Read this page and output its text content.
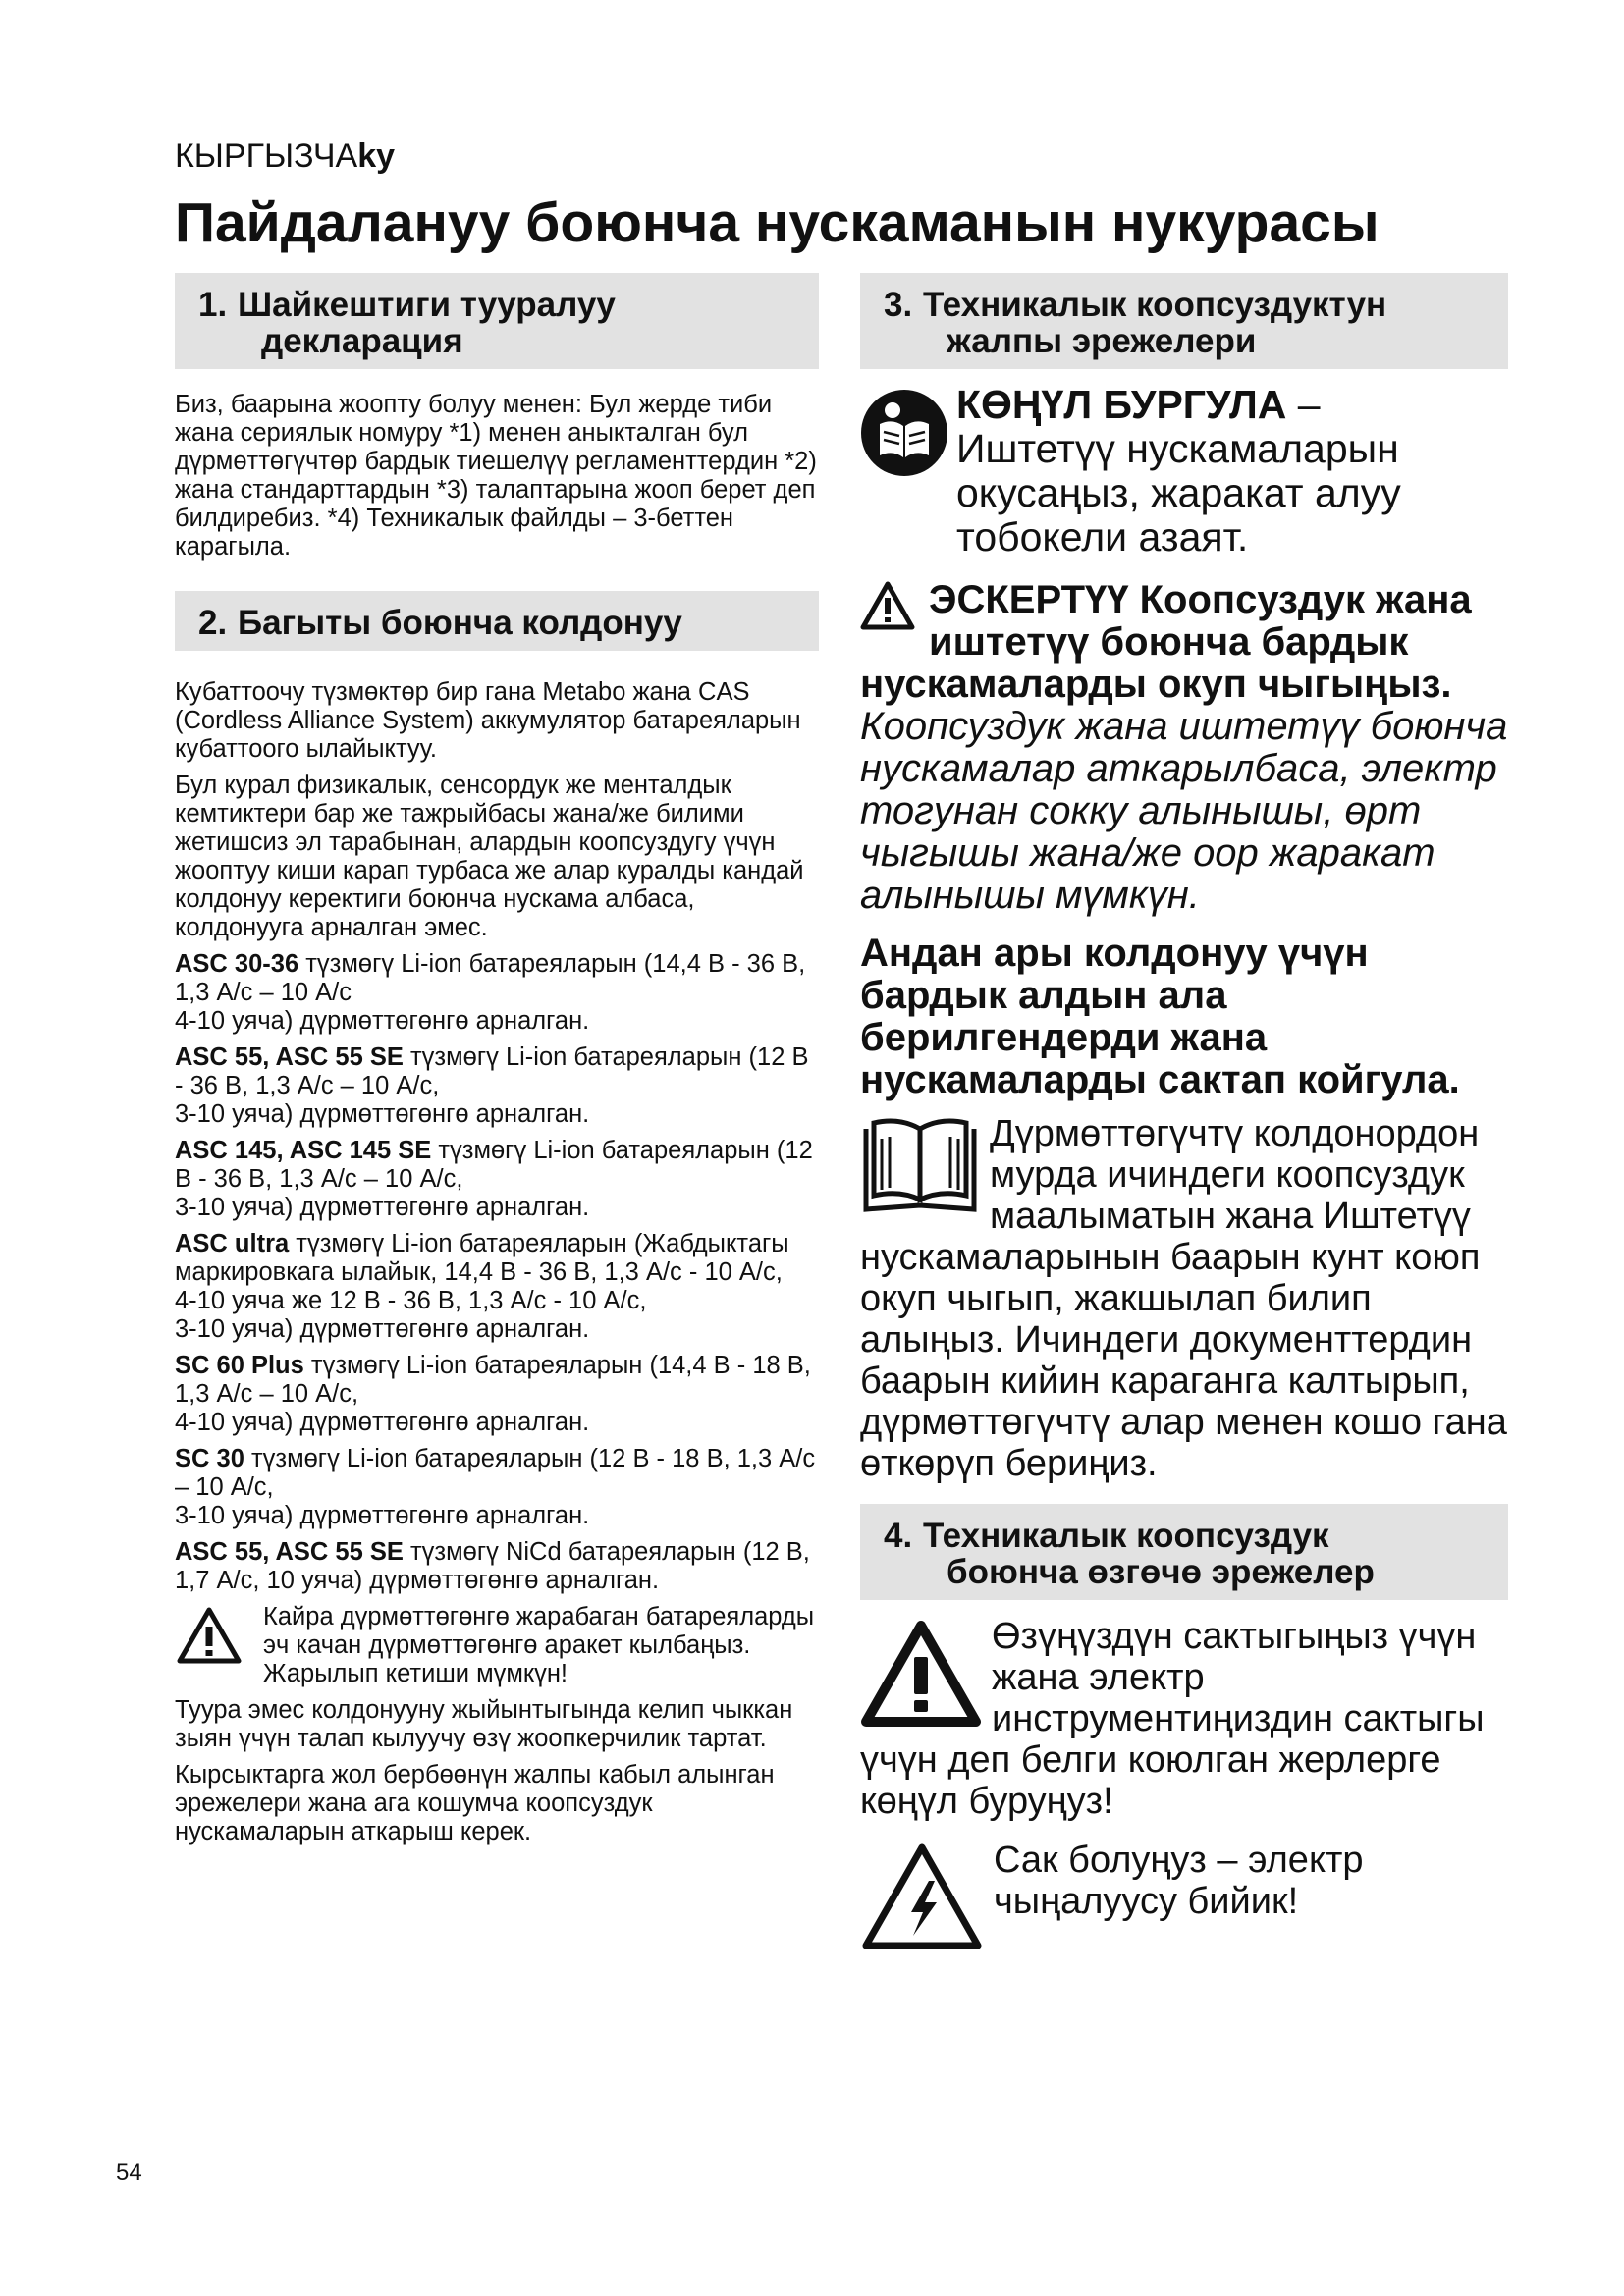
КЫРГЫЗЧАky
Пайдалануу боюнча нускаманын нукурасы
1. Шайкештиги тууралуу
декларация

Биз, баарына жоопту болуу менен: Бул жерде тиби жана сериялык номуру *1) менен аныкталган бул дүрмөттөгүчтөр бардык тиешелүү регламенттердин *2) жана стандарттардын *3) талаптарына жооп берет деп билдиребиз. *4) Техникалык файлды – 3-беттен карагыла.

2. Багыты боюнча колдонуу

Кубаттоочу түзмөктөр бир гана Metabo жана CAS (Cordless Alliance System) аккумулятор батареяларын кубаттоого ылайыктуу.

Бул курал физикалык, сенсордук же менталдык кемтиктери бар же тажрыйбасы жана/же билими жетишсиз эл тарабынан, алардын коопсуздугу үчүн жооптуу киши карап турбаса же алар куралды кандай колдонуу керектиги боюнча нускама албаса, колдонууга арналган эмес.

ASC 30-36 түзмөгү Li-ion батареяларын (14,4 В - 36 В, 1,3 А/с – 10 А/с
4-10 уяча) дүрмөттөгөнгө арналган.

ASC 55, ASC 55 SE түзмөгү Li-ion батареяларын (12 В - 36 В, 1,3 А/с – 10 А/с,
3-10 уяча) дүрмөттөгөнгө арналган.

ASC 145, ASC 145 SE түзмөгү Li-ion батареяларын (12 В - 36 В, 1,3 А/с – 10 А/с,
3-10 уяча) дүрмөттөгөнгө арналган.

ASC ultra түзмөгү Li-ion батареяларын (Жабдыктагы маркировкага ылайык, 14,4 В - 36 В, 1,3 А/с - 10 А/с,
4-10 уяча же 12 В - 36 В, 1,3 А/с - 10 А/с,
3-10 уяча) дүрмөттөгөнгө арналган.

SC 60 Plus түзмөгү Li-ion батареяларын (14,4 В - 18 В, 1,3 А/с – 10 А/с,
4-10 уяча) дүрмөттөгөнгө арналган.

SC 30 түзмөгү Li-ion батареяларын (12 В - 18 В, 1,3 А/с – 10 А/с,
3-10 уяча) дүрмөттөгөнгө арналган.

ASC 55, ASC 55 SE түзмөгү NiCd батареяларын (12 В, 1,7 А/с, 10 уяча) дүрмөттөгөнгө арналган.

Кайра дүрмөттөгөнгө жарабаган батареяларды эч качан дүрмөттөгөнгө аракет кылбаңыз. Жарылып кетиши мүмкүн!

Туура эмес колдонууну жыйынтыгында келип чыккан зыян үчүн талап кылуучу өзү жоопкерчилик тартат.

Кырсыктарга жол бербөөнүн жалпы кабыл алынган эрежелери жана ага кошумча коопсуздук нускамаларын аткарыш керек.

3. Техникалык коопсуздуктун
жалпы эрежелери
КӨҢҮЛ БУРГУЛА –
Иштетүү нускамаларын окусаңыз, жаракат алуу тобокели азаят.
ЭСКЕРТҮҮ Коопсуздук жана иштетүү боюнча бардык нускамаларды окуп чыгыңыз. Коопсуздук жана иштетүү боюнча нускамалар аткарылбаса, электр тогунан сокку алынышы, өрт чыгышы жана/же оор жаракат алынышы мүмкүн.
Андан ары колдонуу үчүн бардык алдын ала берилгендерди жана нускамаларды сактап койгула.
Дүрмөттөгүчтү колдонордон мурда ичиндеги коопсуздук маалыматын жана Иштетүү нускамаларынын баарын кунт коюп окуп чыгып, жакшылап билип алыңыз. Ичиндеги документтердин баарын кийин караганга калтырып, дүрмөттөгүчтү алар менен кошо гана өткөрүп бериңиз.
4. Техникалык коопсуздук
боюнча өзгөчө эрежелер
Өзүңүздүн сактыгыңыз үчүн жана электр инструментиңиздин сактыгы үчүн деп белги коюлган жерлерге көңүл буруңуз!
Сак болуңуз – электр чыңалуусу бийик!
54
